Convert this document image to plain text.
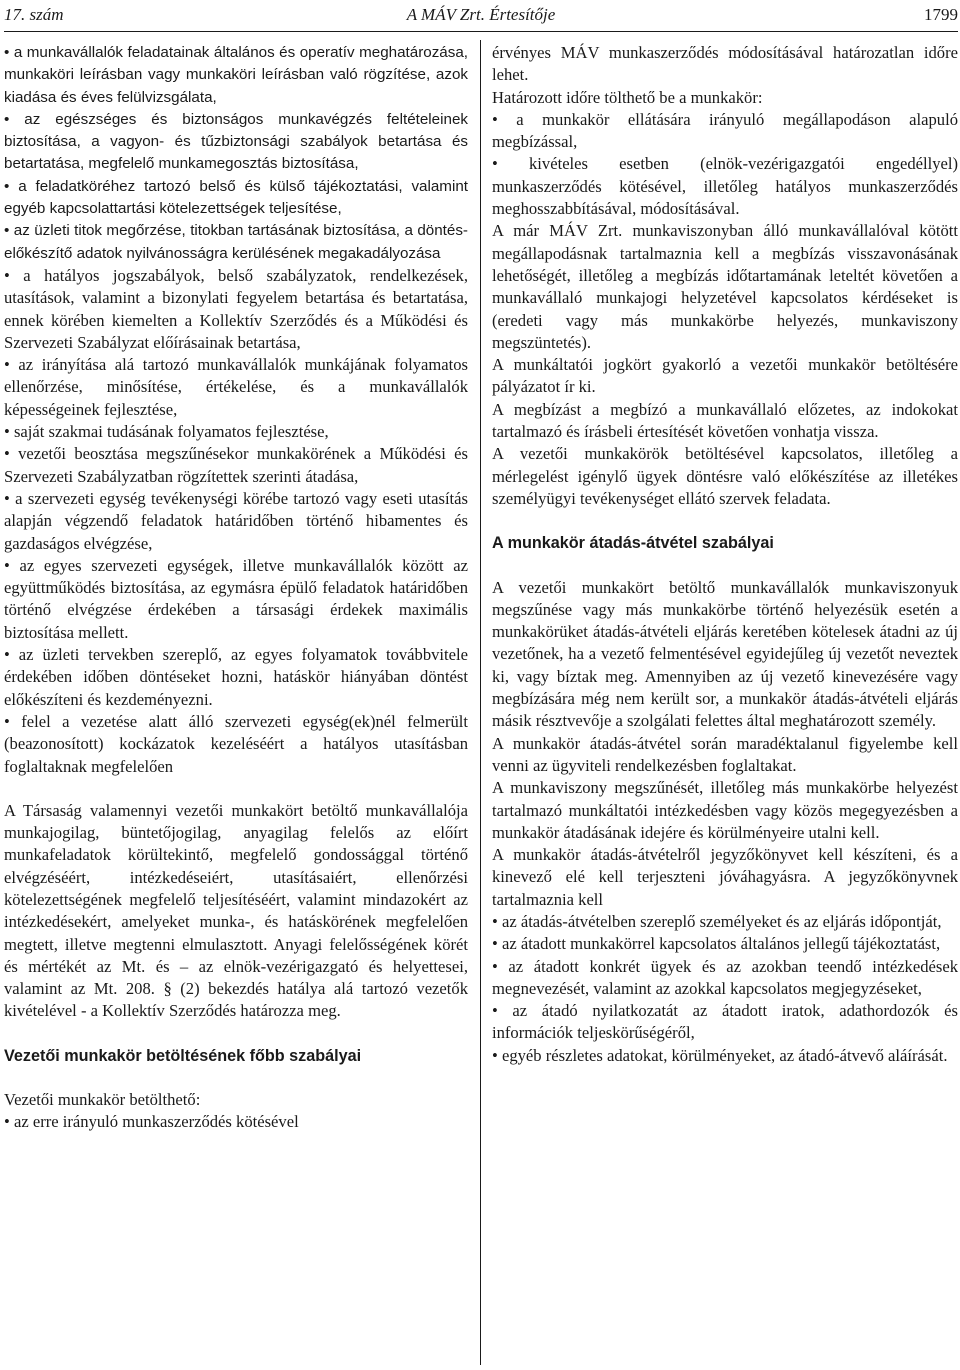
17. szám	A MÁV Zrt. Értesítője	1799

• a munkavállalók feladatainak általános és operatív meghatározása, munkaköri leírásban vagy munkaköri leírásban való rögzítése, azok kiadása és éves felülvizsgálata,

• az egészséges és biztonságos munkavégzés feltételeinek biztosítása, a vagyon- és tűzbiztonsági szabályok betartása és betartatása, megfelelő munkamegosztás biztosítása,

• a feladatköréhez tartozó belső és külső tájékoztatási, valamint egyéb kapcsolattartási kötelezettségek teljesítése,

• az üzleti titok megőrzése, titokban tartásának biztosítása, a döntés-előkészítő adatok nyilvánosságra kerülésének megakadályozása

• a hatályos jogszabályok, belső szabályzatok, rendelkezések, utasítások, valamint a bizonylati fegyelem betartása és betartatása, ennek körében kiemelten a Kollektív Szerződés és a Működési és Szervezeti Szabályzat előírásainak betartása,

• az irányítása alá tartozó munkavállalók munkájának folyamatos ellenőrzése, minősítése, értékelése, és a munkavállalók képességeinek fejlesztése,

• saját szakmai tudásának folyamatos fejlesztése,

• vezetői beosztása megszűnésekor munkakörének a Működési és Szervezeti Szabályzatban rögzítettek szerinti átadása,

• a szervezeti egység tevékenységi körébe tartozó vagy eseti utasítás alapján végzendő feladatok határidőben történő hibamentes és gazdaságos elvégzése,

• az egyes szervezeti egységek, illetve munkavállalók között az együttműködés biztosítása, az egymásra épülő feladatok határidőben történő elvégzése érdekében a társasági érdekek maximális biztosítása mellett.

• az üzleti tervekben szereplő, az egyes folyamatok továbbvitele érdekében időben döntéseket hozni, hatáskör hiányában döntést előkészíteni és kezdeményezni.

• felel a vezetése alatt álló szervezeti egység(ek)nél felmerült (beazonosított) kockázatok kezeléséért a hatályos utasításban foglaltaknak megfelelően

A Társaság valamennyi vezetői munkakört betöltő munkavállalója munkajogilag, büntetőjogilag, anyagilag felelős az előírt munkafeladatok körültekintő, megfelelő gondossággal történő elvégzéséért, intézkedéseiért, utasításaiért, ellenőrzési kötelezettségének megfelelő teljesítéséért, valamint mindazokért az intézkedésekért, amelyeket munka-, és hatáskörének megfelelően megtett, illetve megtenni elmulasztott. Anyagi felelősségének körét és mértékét az Mt. és – az elnök-vezérigazgató és helyettesei, valamint az Mt. 208. § (2) bekezdés hatálya alá tartozó vezetők kivételével - a Kollektív Szerződés határozza meg.

Vezetői munkakör betöltésének főbb szabályai

Vezetői munkakör betölthető:

• az erre irányuló munkaszerződés kötésével

érvényes MÁV munkaszerződés módosításával határozatlan időre lehet.

Határozott időre tölthető be a munkakör:

• a munkakör ellátására irányuló megállapodáson alapuló megbízással,

• kivételes esetben (elnök-vezérigazgatói engedéllyel) munkaszerződés kötésével, illetőleg hatályos munkaszerződés meghosszabbításával, módosításával.

A már MÁV Zrt. munkaviszonyban álló munkavállalóval kötött megállapodásnak tartalmaznia kell a megbízás visszavonásának lehetőségét, illetőleg a megbízás időtartamának leteltét követően a munkavállaló munkajogi helyzetével kapcsolatos kérdéseket is (eredeti vagy más munkakörbe helyezés, munkaviszony megszüntetés).

A munkáltatói jogkört gyakorló a vezetői munkakör betöltésére pályázatot ír ki.

A megbízást a megbízó a munkavállaló előzetes, az indokokat tartalmazó és írásbeli értesítését követően vonhatja vissza.

A vezetői munkakörök betöltésével kapcsolatos, illetőleg a mérlegelést igénylő ügyek döntésre való előkészítése az illetékes személyügyi tevékenységet ellátó szervek feladata.

A munkakör átadás-átvétel szabályai

A vezetői munkakört betöltő munkavállalók munkaviszonyuk megszűnése vagy más munkakörbe történő helyezésük esetén a munkakörüket átadás-átvételi eljárás keretében kötelesek átadni az új vezetőnek, ha a vezető felmentésével egyidejűleg új vezetőt neveztek ki, vagy bíztak meg. Amennyiben az új vezető kinevezésére vagy megbízására még nem került sor, a munkakör átadás-átvételi eljárás másik résztvevője a szolgálati felettes által meghatározott személy.

A munkakör átadás-átvétel során maradéktalanul figyelembe kell venni az ügyviteli rendelkezésben foglaltakat.

A munkaviszony megszűnését, illetőleg más munkakörbe helyezést tartalmazó munkáltatói intézkedésben vagy közös megegyezésben a munkakör átadásának idejére és körülményeire utalni kell.

A munkakör átadás-átvételről jegyzőkönyvet kell készíteni, és a kinevező elé kell terjeszteni jóváhagyásra. A jegyzőkönyvnek tartalmaznia kell

• az átadás-átvételben szereplő személyeket és az eljárás időpontját,

• az átadott munkakörrel kapcsolatos általános jellegű tájékoztatást,

• az átadott konkrét ügyek és az azokban teendő intézkedések megnevezését, valamint az azokkal kapcsolatos megjegyzéseket,

• az átadó nyilatkozatát az átadott iratok, adathordozók és információk teljeskörűségéről,

• egyéb részletes adatokat, körülményeket, az átadó-átvevő aláírását.
